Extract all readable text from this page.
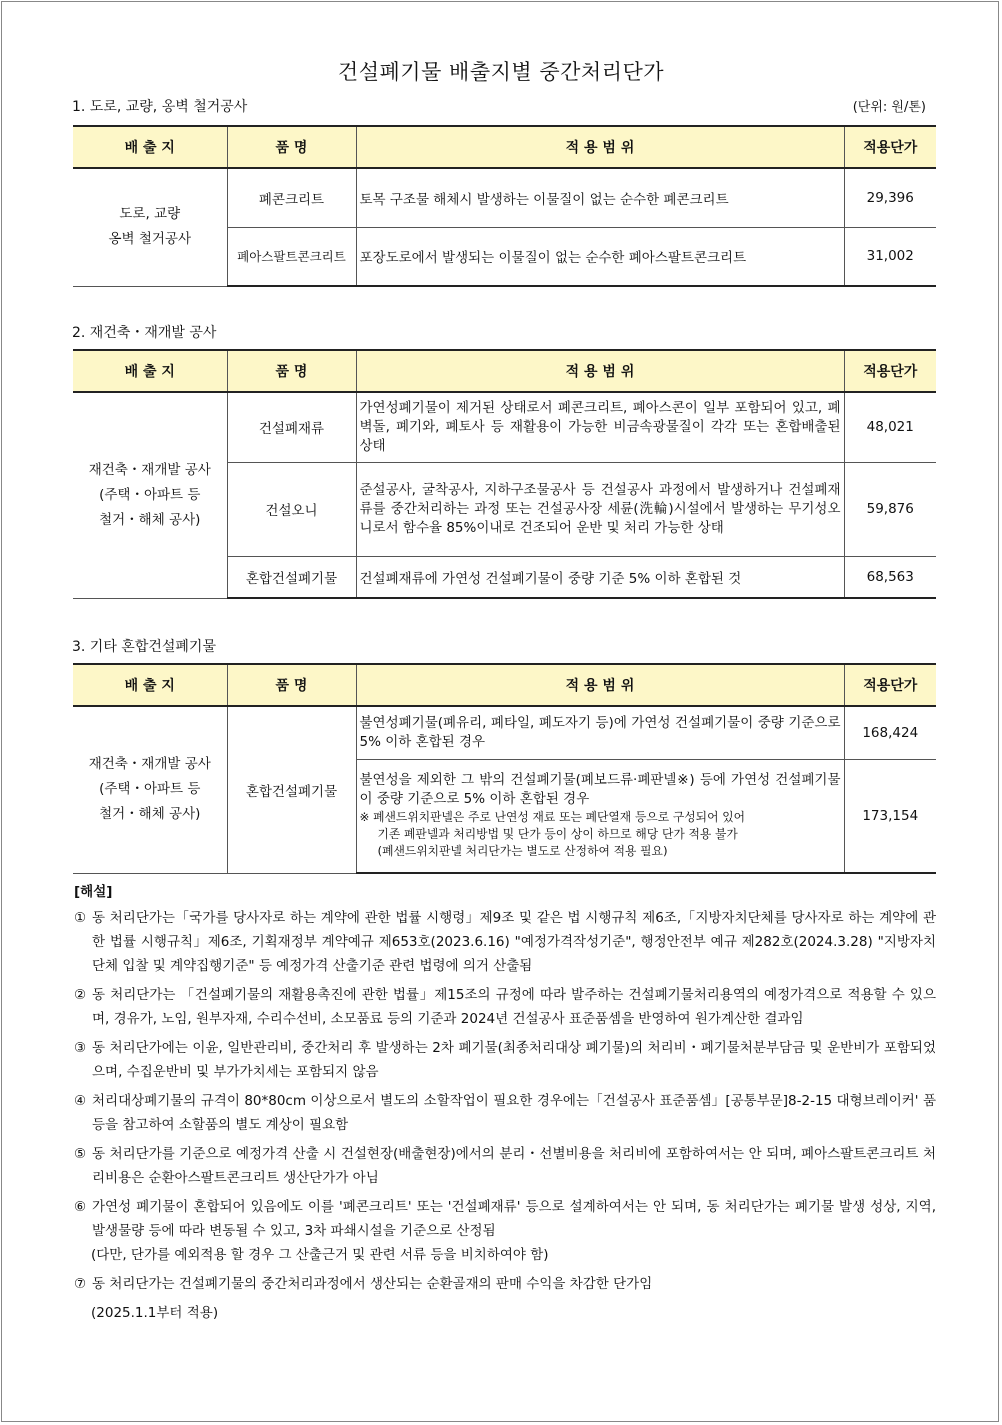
건설폐기물 배출지별 중간처리단가
1. 도로, 교량, 옹벽 철거공사	(단위: 원/톤)
배 출 지	품 명	적 용 범 위	적용단가
도로, 교량
옹벽 철거공사	폐콘크리트	토목 구조물 해체시 발생하는 이물질이 없는 순수한 폐콘크리트	29,396
	폐아스팔트콘크리트	포장도로에서 발생되는 이물질이 없는 순수한 폐아스팔트콘크리트	31,002
2. 재건축・재개발 공사
배 출 지	품 명	적 용 범 위	적용단가
재건축・재개발 공사
(주택・아파트 등
철거・해체 공사)	건설폐재류	가연성폐기물이 제거된 상태로서 폐콘크리트, 폐아스콘이 일부 포함되어 있고, 폐벽돌, 폐기와, 폐토사 등 재활용이 가능한 비금속광물질이 각각 또는 혼합배출된 상태	48,021
	건설오니	준설공사, 굴착공사, 지하구조물공사 등 건설공사 과정에서 발생하거나 건설폐재류를 중간처리하는 과정 또는 건설공사장 세륜(洗輪)시설에서 발생하는 무기성오니로서 함수율 85%이내로 건조되어 운반 및 처리 가능한 상태	59,876
	혼합건설폐기물	건설폐재류에 가연성 건설폐기물이 중량 기준 5% 이하 혼합된 것	68,563
3. 기타 혼합건설폐기물
배 출 지	품 명	적 용 범 위	적용단가
재건축・재개발 공사
(주택・아파트 등
철거・해체 공사)	혼합건설폐기물	불연성폐기물(폐유리, 폐타일, 폐도자기 등)에 가연성 건설폐기물이 중량 기준으로 5% 이하 혼합된 경우	168,424
		불연성을 제외한 그 밖의 건설폐기물(폐보드류·폐판넬※) 등에 가연성 건설폐기물이 중량 기준으로 5% 이하 혼합된 경우
※ 폐샌드위치판넬은 주로 난연성 재료 또는 폐단열재 등으로 구성되어 있어
기존 폐판넬과 처리방법 및 단가 등이 상이 하므로 해당 단가 적용 불가
(폐샌드위치판넬 처리단가는 별도로 산정하여 적용 필요)	173,154
[해설]
① 동 처리단가는「국가를 당사자로 하는 계약에 관한 법률 시행령」제9조 및 같은 법 시행규칙 제6조,「지방자치단체를 당사자로 하는 계약에 관한 법률 시행규칙」제6조, 기획재정부 계약예규 제653호(2023.6.16) "예정가격작성기준", 행정안전부 예규 제282호(2024.3.28) "지방자치단체 입찰 및 계약집행기준" 등 예정가격 산출기준 관련 법령에 의거 산출됨
② 동 처리단가는 「건설폐기물의 재활용촉진에 관한 법률」제15조의 규정에 따라 발주하는 건설폐기물처리용역의 예정가격으로 적용할 수 있으며, 경유가, 노임, 원부자재, 수리수선비, 소모품료 등의 기준과 2024년 건설공사 표준품셈을 반영하여 원가계산한 결과임
③ 동 처리단가에는 이윤, 일반관리비, 중간처리 후 발생하는 2차 폐기물(최종처리대상 폐기물)의 처리비・폐기물처분부담금 및 운반비가 포함되었으며, 수집운반비 및 부가가치세는 포함되지 않음
④ 처리대상폐기물의 규격이 80*80cm 이상으로서 별도의 소할작업이 필요한 경우에는「건설공사 표준품셈」[공통부문]8-2-15 대형브레이커' 품 등을 참고하여 소할품의 별도 계상이 필요함
⑤ 동 처리단가를 기준으로 예정가격 산출 시 건설현장(배출현장)에서의 분리・선별비용을 처리비에 포함하여서는 안 되며, 폐아스팔트콘크리트 처리비용은 순환아스팔트콘크리트 생산단가가 아님
⑥ 가연성 폐기물이 혼합되어 있음에도 이를 '폐콘크리트' 또는 '건설폐재류' 등으로 설계하여서는 안 되며, 동 처리단가는 폐기물 발생 성상, 지역, 발생물량 등에 따라 변동될 수 있고, 3차 파쇄시설을 기준으로 산정됨
(다만, 단가를 예외적용 할 경우 그 산출근거 및 관련 서류 등을 비치하여야 함)
⑦ 동 처리단가는 건설폐기물의 중간처리과정에서 생산되는 순환골재의 판매 수익을 차감한 단가임
(2025.1.1부터 적용)
